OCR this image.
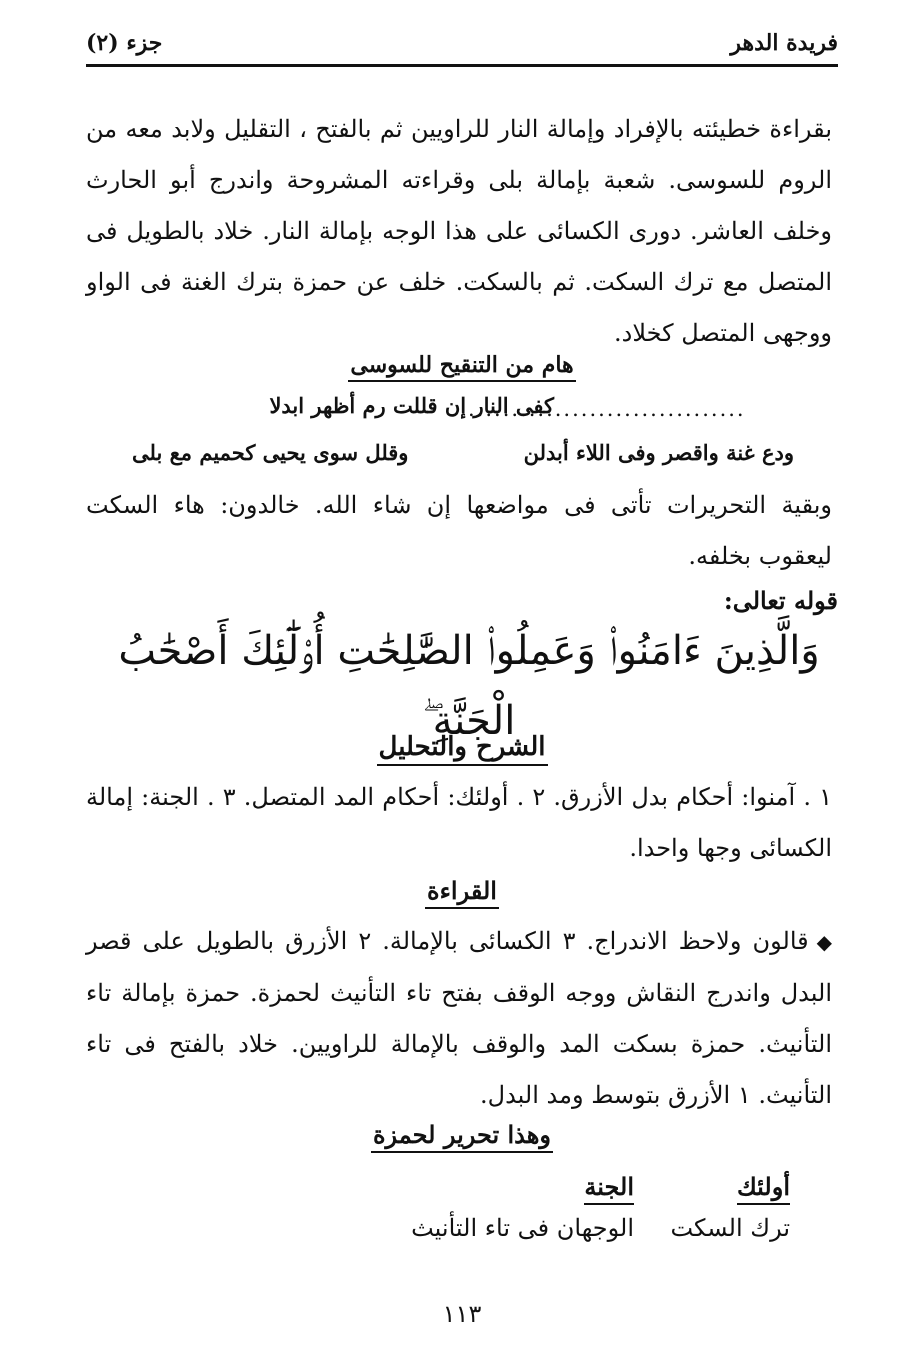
فريدة الدهر
جزء (٢)
بقراءة خطيئته بالإفراد وإمالة النار للراويين ثم بالفتح ، التقليل ولابد معه من الروم للسوسى. شعبة بإمالة بلى وقراءته المشروحة واندرج أبو الحارث وخلف العاشر. دورى الكسائى على هذا الوجه بإمالة النار. خلاد بالطويل فى المتصل مع ترك السكت. ثم بالسكت. خلف عن حمزة بترك الغنة فى الواو ووجهى المتصل كخلاد.
هام من التنقيح للسوسى
كفى النار إن قللت رم أظهر ابدلا
................................
ودع غنة واقصر وفى اللاء أبدلن
وقلل سوى يحيى كحميم مع بلى
وبقية التحريرات تأتى فى مواضعها إن شاء الله. خالدون: هاء السكت ليعقوب بخلفه.
قوله تعالى:
وَالَّذِينَ ءَامَنُوا۟ وَعَمِلُوا۟ الصَّٰلِحَٰتِ أُو۟لَٰٓئِكَ أَصْحَٰبُ الْجَنَّةِ ۖ
الشرح والتحليل
١ . آمنوا: أحكام بدل الأزرق. ٢ . أولئك: أحكام المد المتصل. ٣ . الجنة: إمالة الكسائى وجها واحدا.
القراءة
◆قالون ولاحظ الاندراج. ٣ الكسائى بالإمالة. ٢ الأزرق بالطويل على قصر البدل واندرج النقاش ووجه الوقف بفتح تاء التأنيث لحمزة. حمزة بإمالة تاء التأنيث. حمزة بسكت المد والوقف بالإمالة للراويين. خلاد بالفتح فى تاء التأنيث. ١ الأزرق بتوسط ومد البدل.
وهذا تحرير لحمزة
أولئك
الجنة
ترك السكت
الوجهان فى تاء التأنيث
١١٣
